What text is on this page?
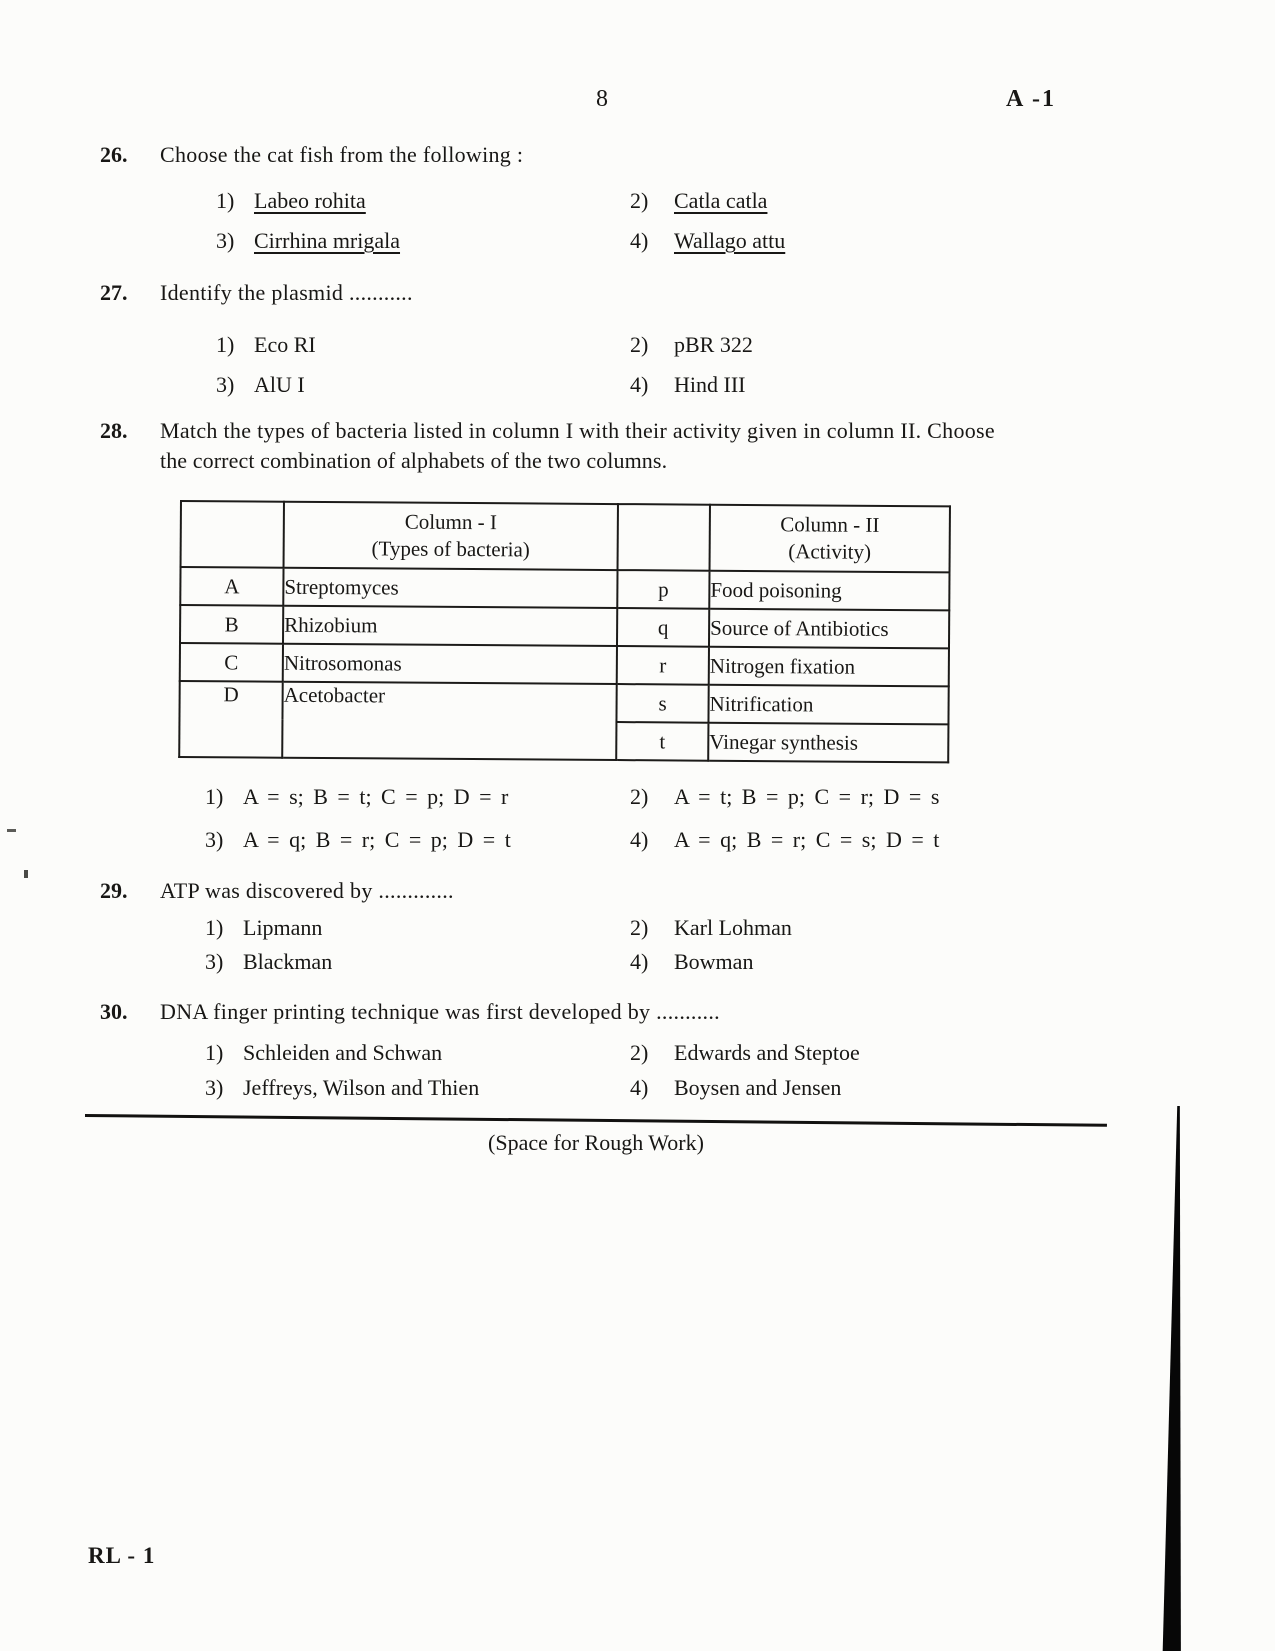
8	A -1
26.	Choose the cat fish from the following :
1) Labeo rohita	2)	Catla catla
3) Cirrhina mrigala	4)	Wallago attu
27.	Identify the plasmid ...........
1) Eco RI	2)	pBR 322
3) AlU I	4)	Hind III
28.	Match the types of bacteria listed in column I with their activity given in column II. Choose
the correct combination of alphabets of the two columns.

Column - I
(Types of bacteria)

Column - II
(Activity)

A	Streptomyces	p	Food poisoning
B	Rhizobium	q	Source of Antibiotics
C	Nitrosomonas	r	Nitrogen fixation
D	Acetobacter	s	Nitrification
		t	Vinegar synthesis
1) A = s; B = t; C = p; D = r	2)	A = t; B = p; C = r; D = s
3) A = q; B = r; C = p; D = t	4)	A = q; B = r; C = s; D = t
29.	ATP was discovered by .............
1) Lipmann	2)	Karl Lohman
3) Blackman	4)	Bowman
30.	DNA finger printing technique was first developed by ...........
1) Schleiden and Schwan	2)	Edwards and Steptoe
3) Jeffreys, Wilson and Thien	4)	Boysen and Jensen
(Space for Rough Work)
RL - 1
